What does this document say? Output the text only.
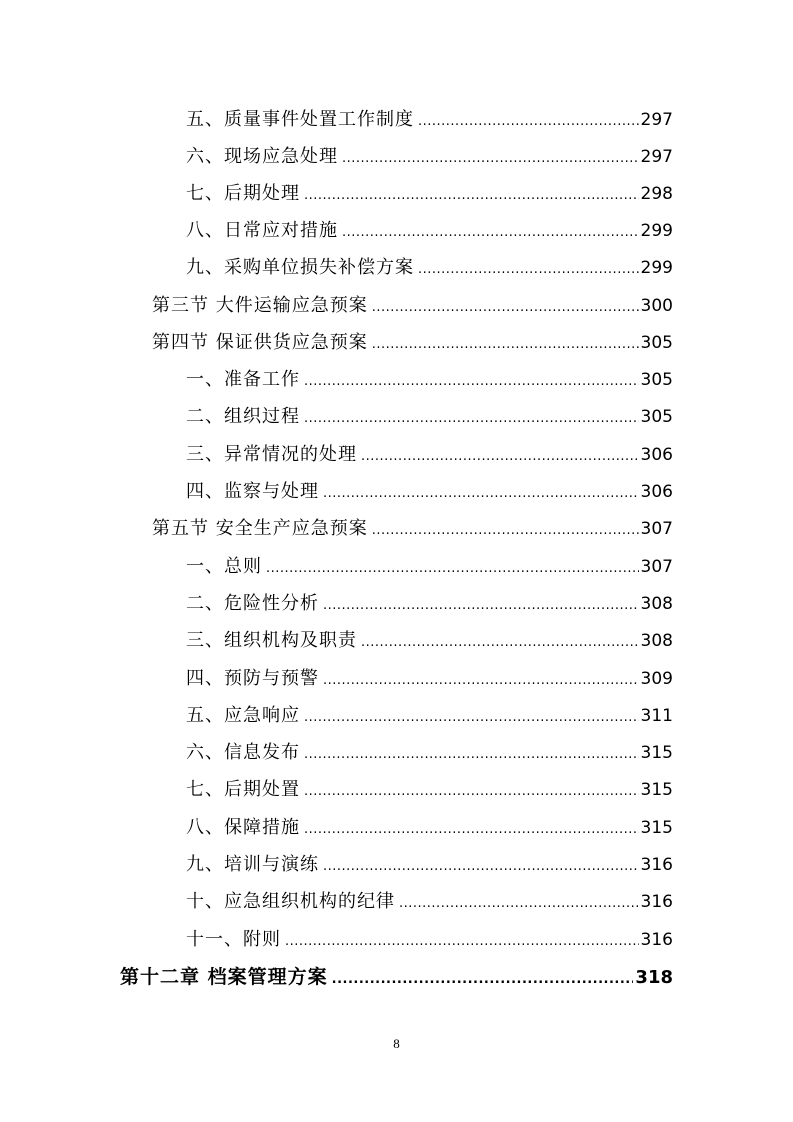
五、质量事件处置工作制度 .....	297
六、现场应急处理 .....	297
七、后期处理 .....	298
八、日常应对措施 .....	299
九、采购单位损失补偿方案 .....	299
第三节 大件运输应急预案 .....	300
第四节 保证供货应急预案 .....	305
一、准备工作 .....	305
二、组织过程 .....	305
三、异常情况的处理 .....	306
四、监察与处理 .....	306
第五节 安全生产应急预案 .....	307
一、总则 .....	307
二、危险性分析 .....	308
三、组织机构及职责 .....	308
四、预防与预警 .....	309
五、应急响应 .....	311
六、信息发布 .....	315
七、后期处置 .....	315
八、保障措施 .....	315
九、培训与演练 .....	316
十、应急组织机构的纪律 .....	316
十一、附则 .....	316
第十二章 档案管理方案 .....	318
8
